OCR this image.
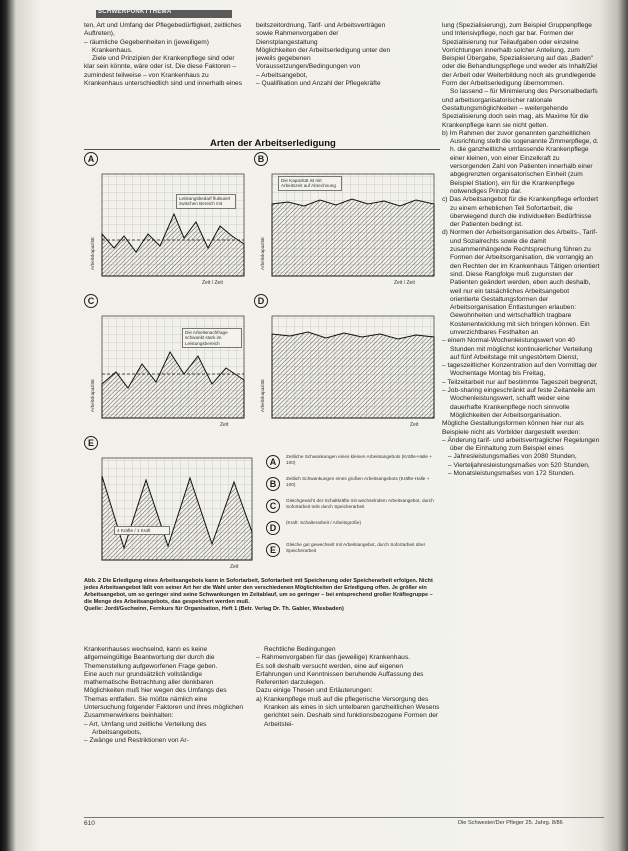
SCHWERPUNKTTHEMA

ten, Art und Umfang der Pflegebedürftigkeit, zeitliches Auftreten),

– räumliche Gegebenheiten in (jeweiligem) Krankenhaus.

Ziele und Prinzipien der Krankenpflege sind oder klar sein könnte, wäre oder ist. Die diese Faktoren – zumindest teilweise – von Krankenhaus zu Krankenhaus unterschiedlich sind und innerhalb eines

beitszeitordnung, Tarif- und Arbeitsverträgen sowie Rahmenvorgaben der Dienstplangestaltung

Möglichkeiten der Arbeitserledigung unter den jeweils gegebenen Voraussetzungen/Bedingungen von

– Arbeitsangebot,

– Qualifikation und Anzahl der Pflegekräfte

lung (Spezialisierung), zum Beispiel Gruppenpflege und Intensivpflege, noch gar bar. Formen der Spezialisierung nur Teilaufgaben oder einzelne Vorrichtungen innerhalb solcher Anteilung, zum Beispiel Übergabe, Spezialisierung auf das „Baden" oder die Behandlungspflege und weder als Inhalt/Ziel der Arbeit oder Weiterbildung noch als grundlegende Form der Arbeitserledigung übernommen.

So lassend – für Minimierung des Personalbedarfs und arbeitsorganisatorischer rationale Gestaltungsmöglichkeiten – weitergehende Spezialisierung doch sein mag, als Maxime für die Krankenpflege kann sie nicht gelten.

b) Im Rahmen der zuvor genannten ganzheitlichen Ausrichtung stellt die sogenannte Zimmerpflege, d. h. die ganzheitliche umfassende Krankenpflege einer kleinen, von einer Einzelkraft zu versorgenden Zahl von Patienten innerhalb einer abgegrenzten organisatorischen Einheit (zum Beispiel Station), ein für die Krankenpflege notwendiges Prinzip dar.

c) Das Arbeitsangebot für die Krankenpflege erfordert zu einem erheblichen Teil Sofortarbeit, die überwiegend durch die individuellen Bedürfnisse der Patienten bedingt ist.

d) Normen der Arbeitsorganisation des Arbeits-, Tarif- und Sozialrechts sowie die damit zusammenhängende Rechtsprechung führen zu Formen der Arbeitsorganisation, die vorrangig an den Rechten der im Krankenhaus Tätigen orientiert sind. Diese Rangfolge muß zugunsten der Patienten geändert werden, eben auch deshalb, weil nur ein tatsächliches Arbeitsangebot orientierte Gestaltungsformen der Arbeitsorganisation Entlastungen erlauben: Gewohnheiten und wirtschaftlich tragbare Kostenentwicklung mit sich bringen können. Ein unverzichtbares Festhalten an

– einem Normal-Wochenleistungswert von 40 Stunden mit möglichst kontinuierlicher Verteilung auf fünf Arbeitstage mit ungestörtem Dienst,

– tageszeitlicher Konzentration auf den Vormittag der Wochentage Montag bis Freitag,

– Teilzeitarbeit nur auf bestimmte Tageszeit begrenzt,

– Job-sharing eingeschränkt auf feste Zeitanteile am Wochenleistungswert, schafft weder eine dauerhafte Krankenpflege noch sinnvolle Möglichkeiten der Arbeitsorganisation.

Mögliche Gestaltungsformen können hier nur als Beispiele nicht als Vorbilder dargestellt werden:

– Änderung tarif- und arbeitsvertraglicher Regelungen über die Einhaltung zum Beispiel eines

– Jahresleistungsmaßes von 2080 Stunden,

– Vierteljahresleistungsmaßes von 520 Stunden,

– Monatsleistungsmaßes von 172 Stunden.

Arten der Arbeitserledigung
A
Arbeitskapazität
Zeit / Zeit
Leistungsbedarf fluktuiert zwischen Bereich mit
B
Arbeitskapazität
Zeit / Zeit
Die Kapazität ist mit Arbeitszeit auf Abrechnung
C
Arbeitskapazität
Zeit
Die Arbeitsnachfrage schwankt stark im Leistungsbereich
D
Arbeitskapazität
Zeit
E
Zeit
4 Kräfte / 1 Kraft
A
Zeitliche Schwankungen eines kleinen Arbeitsangebots (Kräfte-Halle + 100)
B
Zeitlich Schwankungen eines großen Arbeitsangebots (Kräfte-Halle + 100)
C
Gleichgewicht der Schaltkräfte mit wechselndem Arbeitsangebot, durch Sofortarbeit teils durch Speicherarbeit
D
(Kraft: Schalterarbeit / Arbeitsgröße)
E
Gleiche gut gewechselt mit Arbeitsangebot, durch Sofortarbeit über Speicherarbeit
Abb. 2 Die Erledigung eines Arbeitsangebots kann in Sofortarbeit, Sofortarbeit mit Speicherung oder Speicherarbeit erfolgen. Nicht jedes Arbeitsangebot läßt von seiner Art her die Wahl unter den verschiedenen Möglichkeiten der Erledigung offen. Je größer ein Arbeitsangebot, um so geringer sind seine Schwankungen im Zeitablauf, um so geringer – bei entsprechend großer Kräftegruppe – die Menge des Arbeitsangebots, das gespeichert werden muß.
Quelle: Jordi/Gschwinn, Fernkurs für Organisation, Heft 1 (Betr. Verlag Dr. Th. Gabler, Wiesbaden)

Krankenhauses wechselnd, kann es keine allgemeingültige Beantwortung der durch die Themenstellung aufgeworfenen Frage geben.

Eine auch nur grundsätzlich vollständige mathematische Betrachtung aller denkbaren Möglichkeiten muß hier wegen des Umfangs des Themas entfallen. Sie müßte nämlich eine Untersuchung folgender Faktoren und ihres möglichen Zusammenwirkens beinhalten:

– Art, Umfang und zeitliche Verteilung des Arbeitsangebots,

– Zwänge und Restriktionen von Ar-

Rechtliche Bedingungen

– Rahmenvorgaben für das (jeweilige) Krankenhaus.

Es soll deshalb versucht werden, eine auf eigenen Erfahrungen und Kenntnissen beruhende Auffassung des Referenten darzulegen.

Dazu einige Thesen und Erläuterungen:

a) Krankenpflege muß auf die pflegerische Versorgung des Kranken als eines in sich untelbaren ganzheitlichen Wesens gerichtet sein. Deshalb sind funktionsbezogene Formen der Arbeitstei-

610	Die Schwester/Der Pfleger 25. Jahrg. 8/86
